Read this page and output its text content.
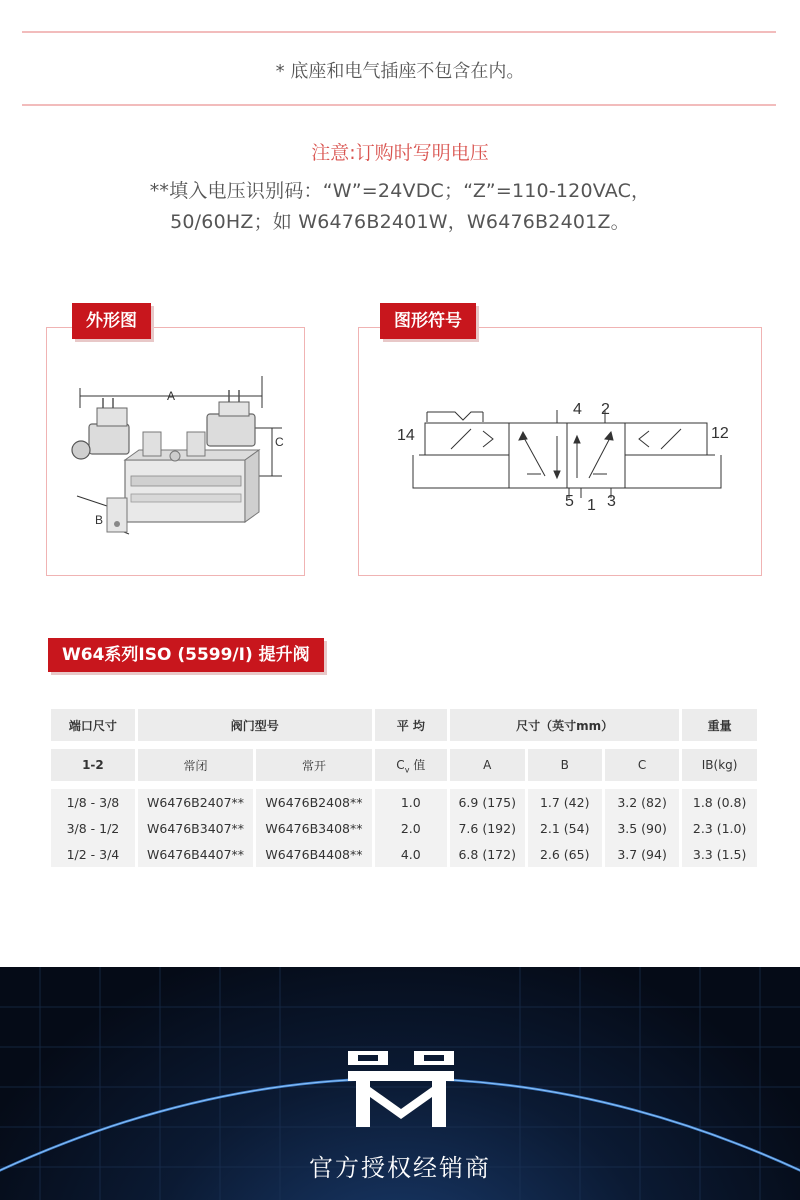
* 底座和电气插座不包含在内。
注意:订购时写明电压
**填入电压识别码：“W”=24VDC；“Z”=110-120VAC，
50/60HZ；如 W6476B2401W，W6476B2401Z。
A
C
B
外形图
14	12
4 2
5 1 3
图形符号
W64系列ISO (5599/I) 提升阀
端口尺寸	阀门型号		平 均	尺寸（英寸mm）			重量

1-2	常闭	常开	$C_v$ 值	A	B	C	IB(kg)

1/8 - 3/8	W6476B2407**	W6476B2408**	1.0	6.9 (175)	1.7 (42)	3.2 (82)	1.8 (0.8)
3/8 - 1/2	W6476B3407**	W6476B3408**	2.0	7.6 (192)	2.1 (54)	3.5 (90)	2.3 (1.0)
1/2 - 3/4	W6476B4407**	W6476B4408**	4.0	6.8 (172)	2.6 (65)	3.7 (94)	3.3 (1.5)
官方授权经销商
